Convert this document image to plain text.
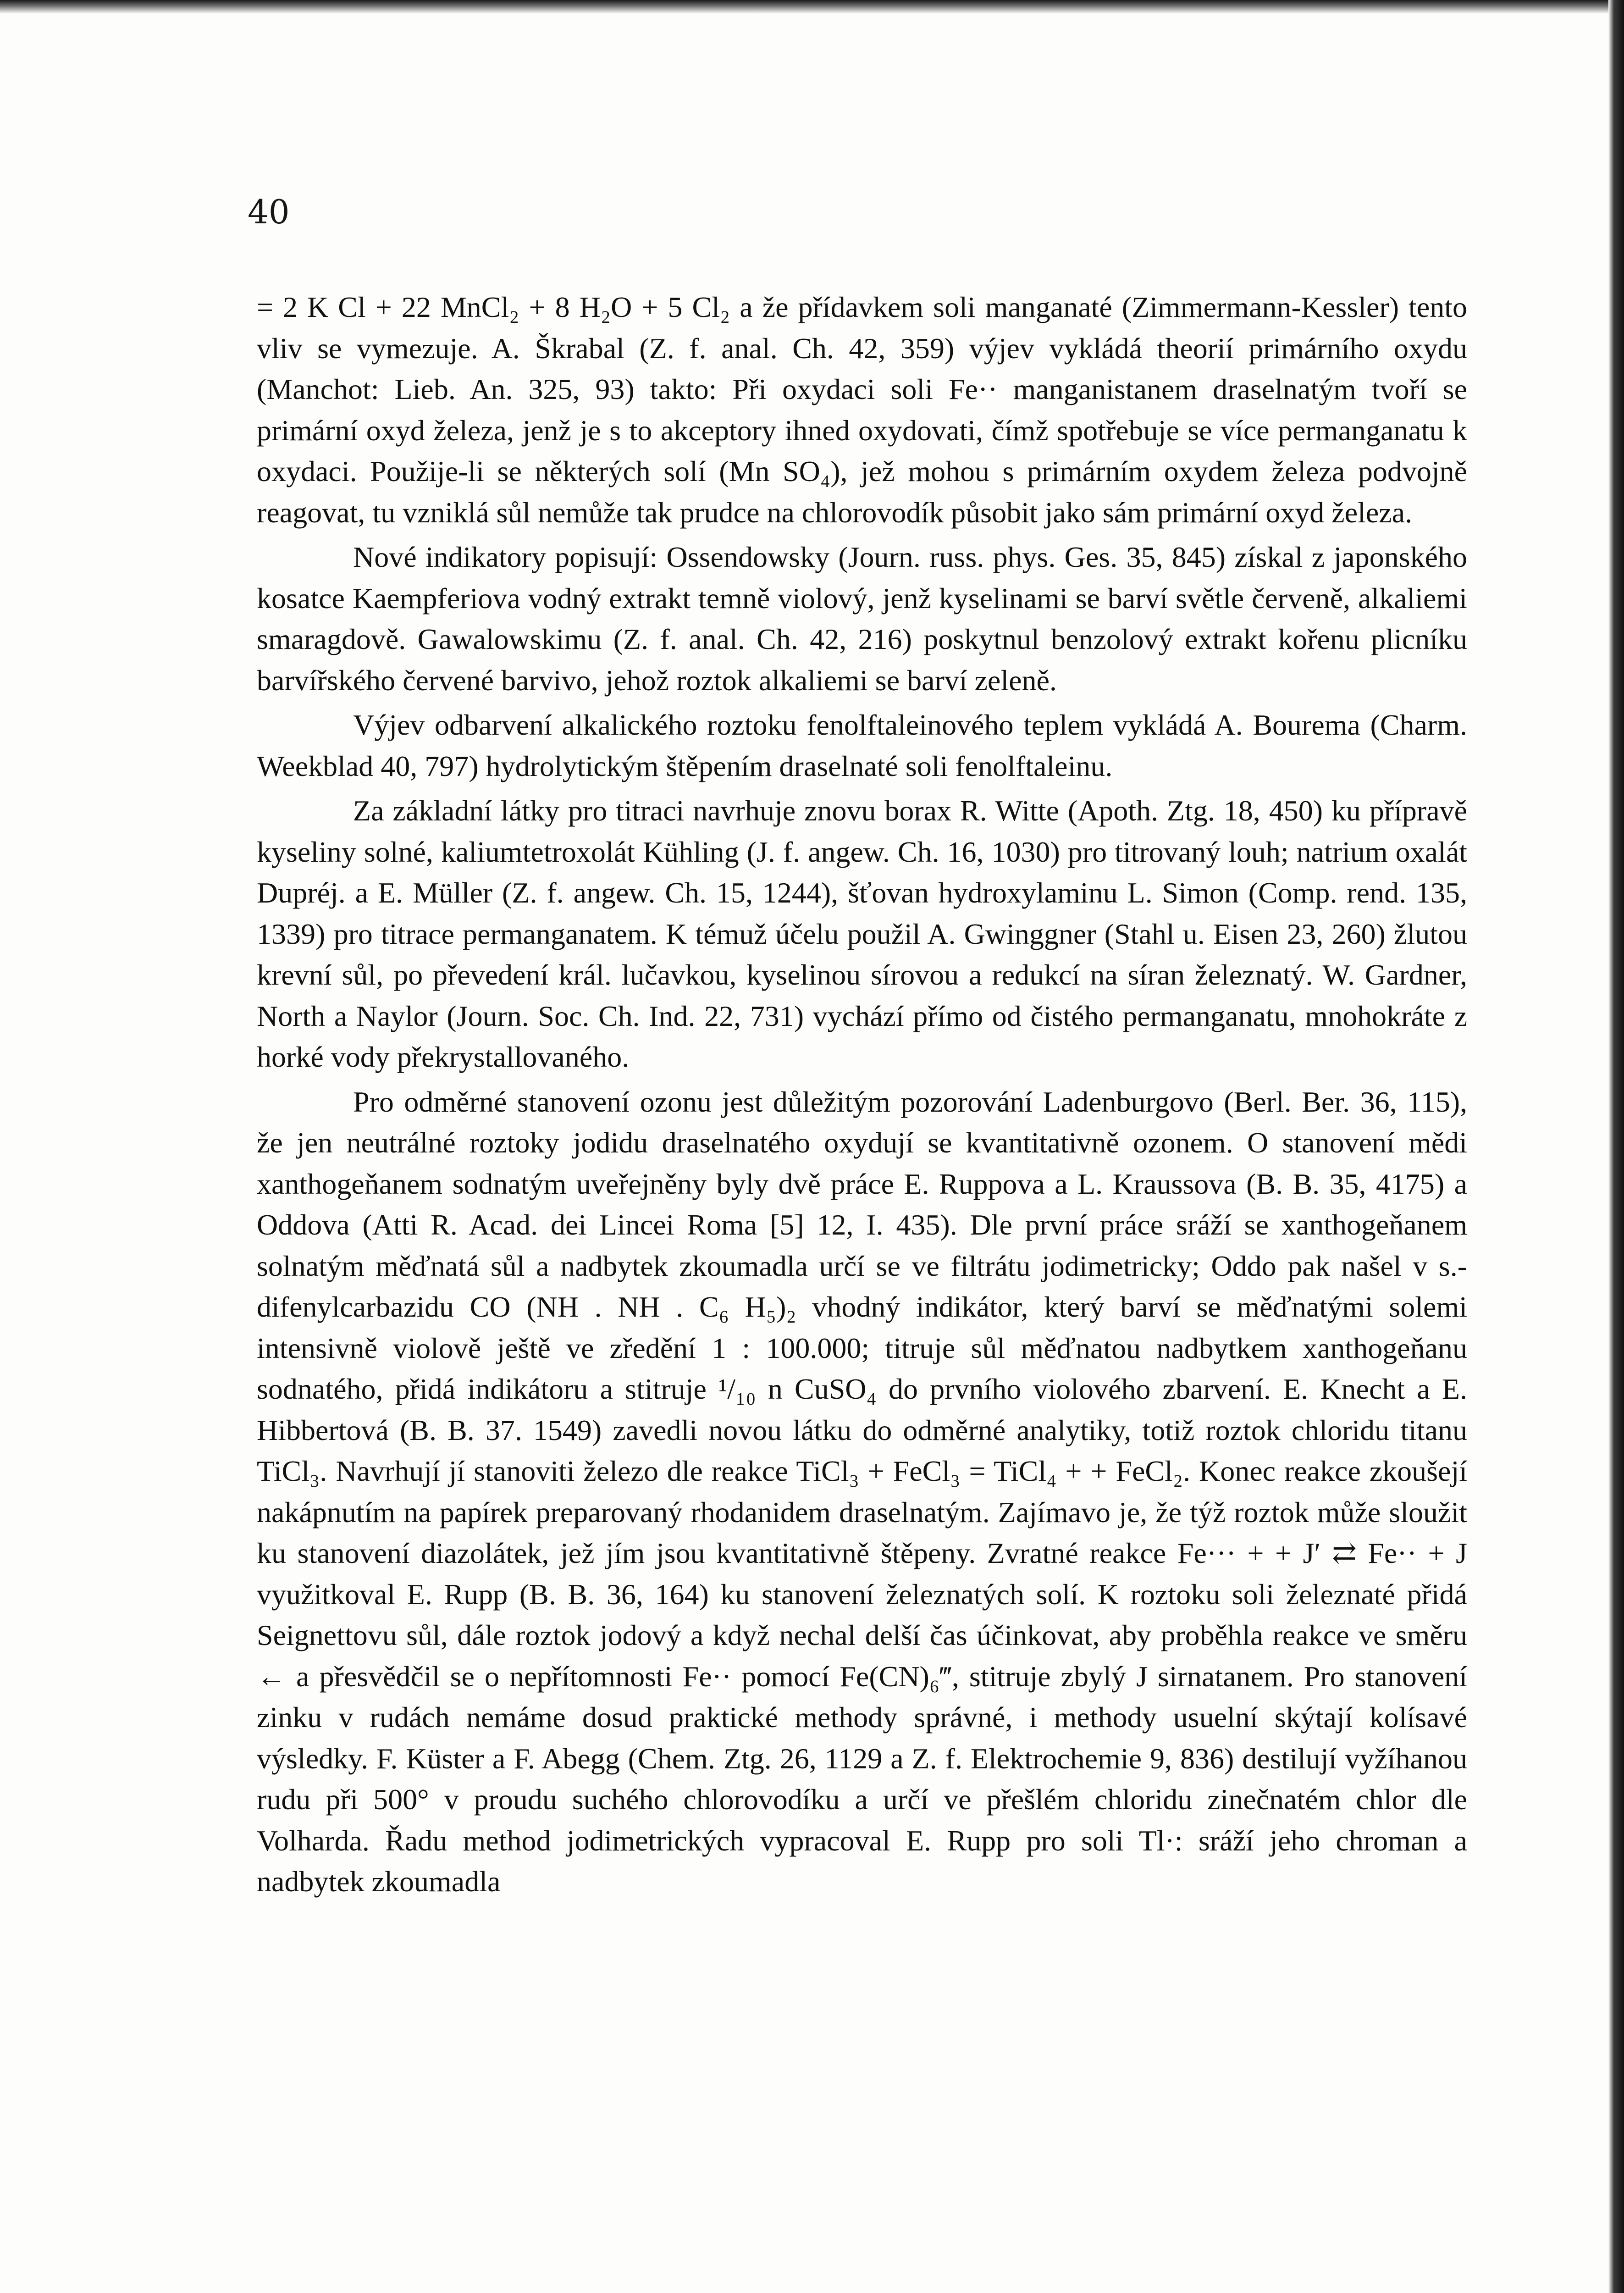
40

= 2 K Cl + 22 MnCl₂ + 8 H₂O + 5 Cl₂ a že přídavkem soli manganaté (Zimmermann-Kessler) tento vliv se vymezuje. A. Škrabal (Z. f. anal. Ch. 42, 359) výjev vykládá theorií primárního oxydu (Manchot: Lieb. An. 325, 93) takto: Při oxydaci soli Fe·· manganistanem draselnatým tvoří se primární oxyd železa, jenž je s to akceptory ihned oxydovati, čímž spotřebuje se více permanganatu k oxydaci. Použije-li se některých solí (Mn SO₄), jež mohou s primárním oxydem železa podvojně reagovat, tu vzniklá sůl nemůže tak prudce na chlorovodík působit jako sám primární oxyd železa.

Nové indikatory popisují: Ossendowsky (Journ. russ. phys. Ges. 35, 845) získal z japonského kosatce Kaempferiova vodný extrakt temně violový, jenž kyselinami se barví světle červeně, alkaliemi smaragdově. Gawalowskimu (Z. f. anal. Ch. 42, 216) poskytnul benzolový extrakt kořenu plicníku barvířského červené barvivo, jehož roztok alkaliemi se barví zeleně.

Výjev odbarvení alkalického roztoku fenolftaleinového teplem vykládá A. Bourema (Charm. Weekblad 40, 797) hydrolytickým štěpením draselnaté soli fenolftaleinu.

Za základní látky pro titraci navrhuje znovu borax R. Witte (Apoth. Ztg. 18, 450) ku přípravě kyseliny solné, kaliumtetroxolát Kühling (J. f. angew. Ch. 16, 1030) pro titrovaný louh; natrium oxalát Dupréj. a E. Müller (Z. f. angew. Ch. 15, 1244), šťovan hydroxylaminu L. Simon (Comp. rend. 135, 1339) pro titrace permanganatem. K témuž účelu použil A. Gwinggner (Stahl u. Eisen 23, 260) žlutou krevní sůl, po převedení král. lučavkou, kyselinou sírovou a redukcí na síran železnatý. W. Gardner, North a Naylor (Journ. Soc. Ch. Ind. 22, 731) vychází přímo od čistého permanganatu, mnohokráte z horké vody překrystallovaného.

Pro odměrné stanovení ozonu jest důležitým pozorování Ladenburgovo (Berl. Ber. 36, 115), že jen neutrálné roztoky jodidu draselnatého oxydují se kvantitativně ozonem. O stanovení mědi xanthogeňanem sodnatým uveřejněny byly dvě práce E. Ruppova a L. Kraussova (B. B. 35, 4175) a Oddova (Atti R. Acad. dei Lincei Roma [5] 12, I. 435). Dle první práce sráží se xanthogeňanem solnatým měďnatá sůl a nadbytek zkoumadla určí se ve filtrátu jodimetricky; Oddo pak našel v s.-difenylcarbazidu CO (NH . NH . C₆ H₅)₂ vhodný indikátor, který barví se měďnatými solemi intensivně violově ještě ve zředění 1 : 100.000; titruje sůl měďnatou nadbytkem xanthogeňanu sodnatého, přidá indikátoru a stitruje ¹/₁₀ n CuSO₄ do prvního violového zbarvení. E. Knecht a E. Hibbertová (B. B. 37. 1549) zavedli novou látku do odměrné analytiky, totiž roztok chloridu titanu TiCl₃. Navrhují jí stanoviti železo dle reakce TiCl₃ + FeCl₃ = TiCl₄ + + FeCl₂. Konec reakce zkoušejí nakápnutím na papírek preparovaný rhodanidem draselnatým. Zajímavo je, že týž roztok může sloužit ku stanovení diazolátek, jež jím jsou kvantitativně štěpeny. Zvratné reakce Fe··· + + J′ ⇄ Fe·· + J využitkoval E. Rupp (B. B. 36, 164) ku stanovení železnatých solí. K roztoku soli železnaté přidá Seignettovu sůl, dále roztok jodový a když nechal delší čas účinkovat, aby proběhla reakce ve směru ← a přesvědčil se o nepřítomnosti Fe·· pomocí Fe(CN)₆‴, stitruje zbylý J sirnatanem. Pro stanovení zinku v rudách nemáme dosud praktické methody správné, i methody usuelní skýtají kolísavé výsledky. F. Küster a F. Abegg (Chem. Ztg. 26, 1129 a Z. f. Elektrochemie 9, 836) destilují vyžíhanou rudu při 500° v proudu suchého chlorovodíku a určí ve přešlém chloridu zinečnatém chlor dle Volharda. Řadu method jodimetrických vypracoval E. Rupp pro soli Tl·: sráží jeho chroman a nadbytek zkoumadla
